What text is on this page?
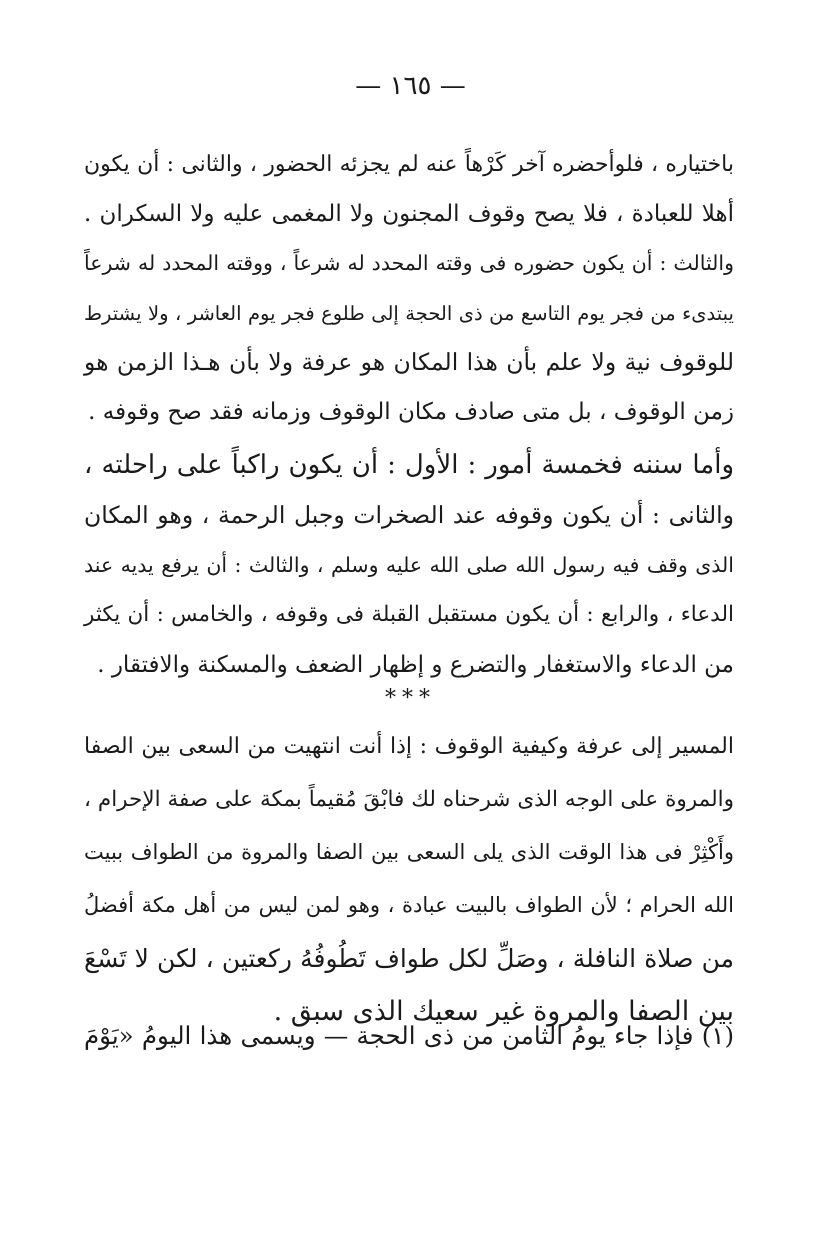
— ١٦٥ —
باختياره ، فلوأحضره آخر كَرْهاً عنه لم يجزئه الحضور ، والثانى : أن يكون
أهلا للعبادة ، فلا يصح وقوف المجنون ولا المغمى عليه ولا السكران .
والثالث : أن يكون حضوره فى وقته المحدد له شرعاً ، ووقته المحدد له شرعاً
يبتدىء من فجر يوم التاسع من ذى الحجة إلى طلوع فجر يوم العاشر ، ولا يشترط
للوقوف نية ولا علم بأن هذا المكان هو عرفة ولا بأن هـذا الزمن هو
زمن الوقوف ، بل متى صادف مكان الوقوف وزمانه فقد صح وقوفه .
وأما سننه فخمسة أمور : الأول : أن يكون راكباً على راحلته ،
والثانى : أن يكون وقوفه عند الصخرات وجبل الرحمة ، وهو المكان
الذى وقف فيه رسول الله صلى الله عليه وسلم ، والثالث : أن يرفع يديه عند
الدعاء ، والرابع : أن يكون مستقبل القبلة فى وقوفه ، والخامس : أن يكثر
من الدعاء والاستغفار والتضرع و إظهار الضعف والمسكنة والافتقار .
***
المسير إلى عرفة وكيفية الوقوف : إذا أنت انتهيت من السعى بين الصفا
والمروة على الوجه الذى شرحناه لك فابْقَ مُقيماً بمكة على صفة الإحرام ،
وأَكْثِرْ فى هذا الوقت الذى يلى السعى بين الصفا والمروة من الطواف ببيت
الله الحرام ؛ لأن الطواف بالبيت عبادة ، وهو لمن ليس من أهل مكة أفضلُ
من صلاة النافلة ، وصَلِّ لكل طواف تَطُوفُهُ ركعتين ، لكن لا تَسْعَ
بين الصفا والمروة غير سعيك الذى سبق .
(١) فإذا جاء يومُ الثامن من ذى الحجة — ويسمى هذا اليومُ «يَوْمَ
